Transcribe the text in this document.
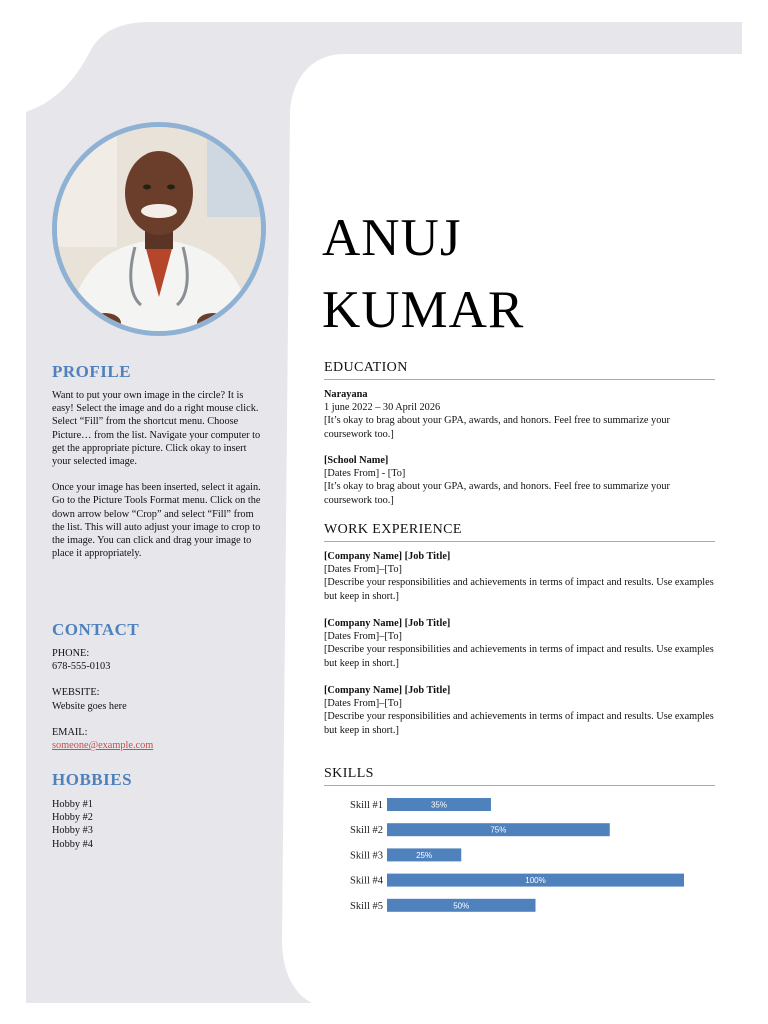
PROFILE

Want to put your own image in the circle? It is easy! Select the image and do a right mouse click. Select “Fill” from the shortcut menu. Choose Picture… from the list. Navigate your computer to get the appropriate picture. Click okay to insert your selected image.

Once your image has been inserted, select it again. Go to the Picture Tools Format menu. Click on the down arrow below “Crop” and select “Fill” from the list. This will auto adjust your image to crop to the image. You can click and drag your image to place it appropriately.

CONTACT

PHONE:
678-555-0103

WEBSITE:
Website goes here

EMAIL:
someone@example.com

HOBBIES
Hobby #1
Hobby #2
Hobby #3
Hobby #4
ANUJ
KUMAR
EDUCATION
Narayana
1 june 2022 – 30 April 2026
[It’s okay to brag about your GPA, awards, and honors. Feel free to summarize your coursework too.]
[School Name]
[Dates From] - [To]
[It’s okay to brag about your GPA, awards, and honors. Feel free to summarize your coursework too.]
WORK EXPERIENCE
[Company Name] [Job Title]
[Dates From]–[To]
[Describe your responsibilities and achievements in terms of impact and results. Use examples but keep in short.]
[Company Name] [Job Title]
[Dates From]–[To]
[Describe your responsibilities and achievements in terms of impact and results. Use examples but keep in short.]
[Company Name] [Job Title]
[Dates From]–[To]
[Describe your responsibilities and achievements in terms of impact and results. Use examples but keep in short.]
SKILLS
Skill #1	35%
Skill #2	75%
Skill #3	25%
Skill #4	100%
Skill #5	50%
